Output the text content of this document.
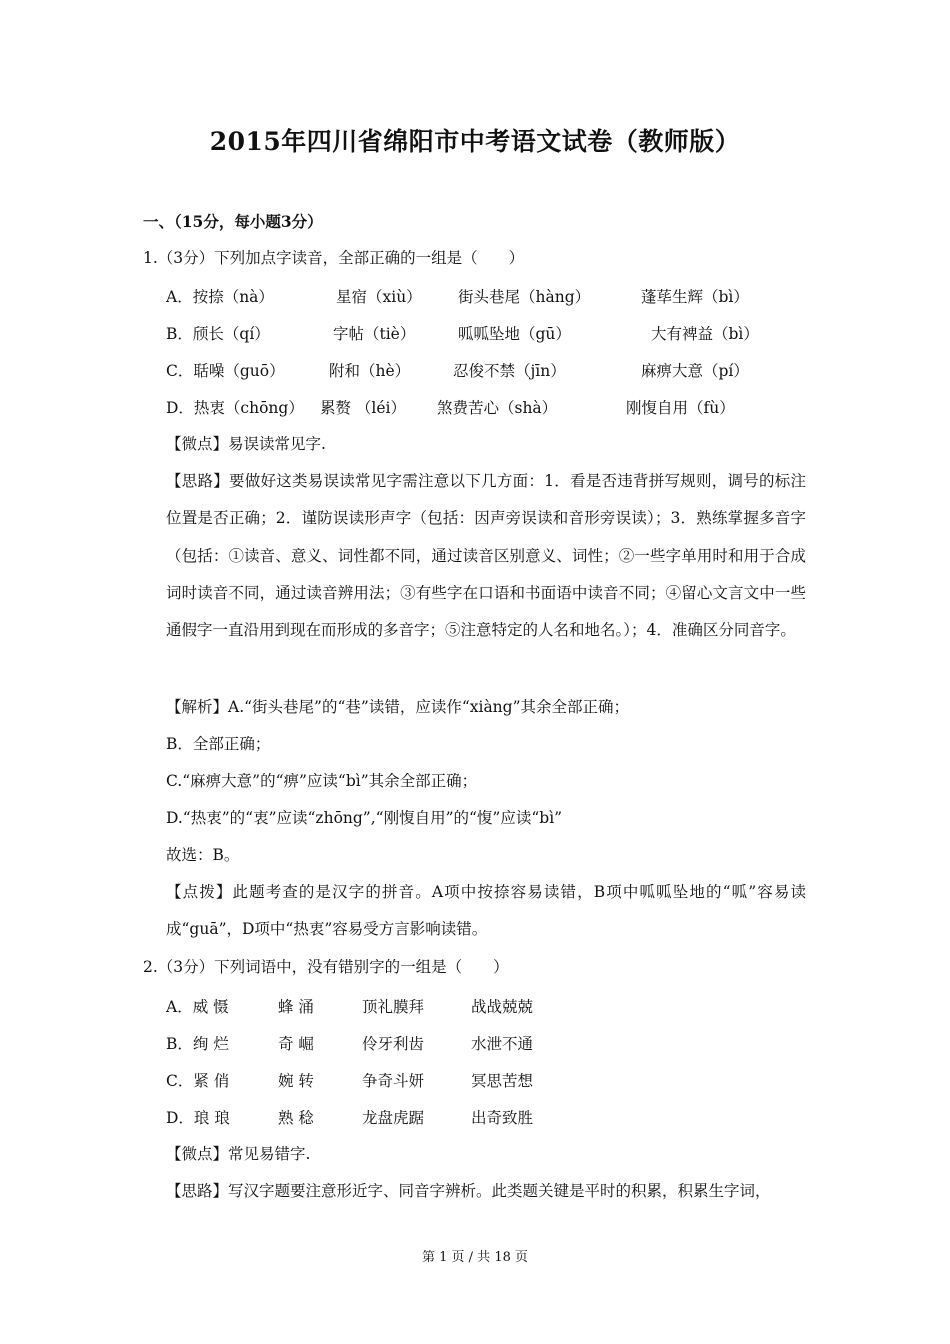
2015年四川省绵阳市中考语文试卷（教师版）
一、（15分，每小题3分）
1.（3分）下列加点字读音，全部正确的一组是（　　）
A．按捺（nà）	星宿（xiù） 街头巷尾（hàng）	蓬荜生辉（bì）
B．颀长（qí）	字帖（tiè）	呱呱坠地（gū）	大有裨益（bì）
C．聒噪（guō）	附和（hè）	忍俊不禁（jīn）	麻痹大意（pí）
D．热衷（chōng） 累赘 （léi） 煞费苦心（shà）	刚愎自用（fù）
【微点】易误读常见字.

【思路】要做好这类易误读常见字需注意以下几方面：1．看是否违背拼写规则，调号的标注位置是否正确；2．谨防误读形声字（包括：因声旁误读和音形旁误读）；3．熟练掌握多音字（包括：①读音、意义、词性都不同，通过读音区别意义、词性；②一些字单用时和用于合成词时读音不同，通过读音辨用法；③有些字在口语和书面语中读音不同；④留心文言文中一些通假字一直沿用到现在而形成的多音字；⑤注意特定的人名和地名。）；4．准确区分同音字。

【解析】A.“街头巷尾”的“巷”读错，应读作“xiàng”其余全部正确；
B．全部正确；
C.“麻痹大意”的“痹”应读“bì”其余全部正确；
D.“热衷”的“衷”应读“zhōng”,“刚愎自用”的“愎”应读“bì”
故选：B。

【点拨】此题考查的是汉字的拼音。A项中按捺容易读错，B项中呱呱坠地的“呱”容易读成“guā”，D项中“热衷”容易受方言影响读错。

2.（3分）下列词语中，没有错别字的一组是（　　）
A．威 慑	蜂 涌	顶礼膜拜	战战兢兢
B．绚 烂	奇 崛	伶牙利齿	水泄不通
C．紧 俏	婉 转	争奇斗妍	冥思苦想
D．琅 琅	熟 稔	龙盘虎踞	出奇致胜
【微点】常见易错字.
【思路】写汉字题要注意形近字、同音字辨析。此类题关键是平时的积累，积累生字词，
第 1 页 / 共 18 页
